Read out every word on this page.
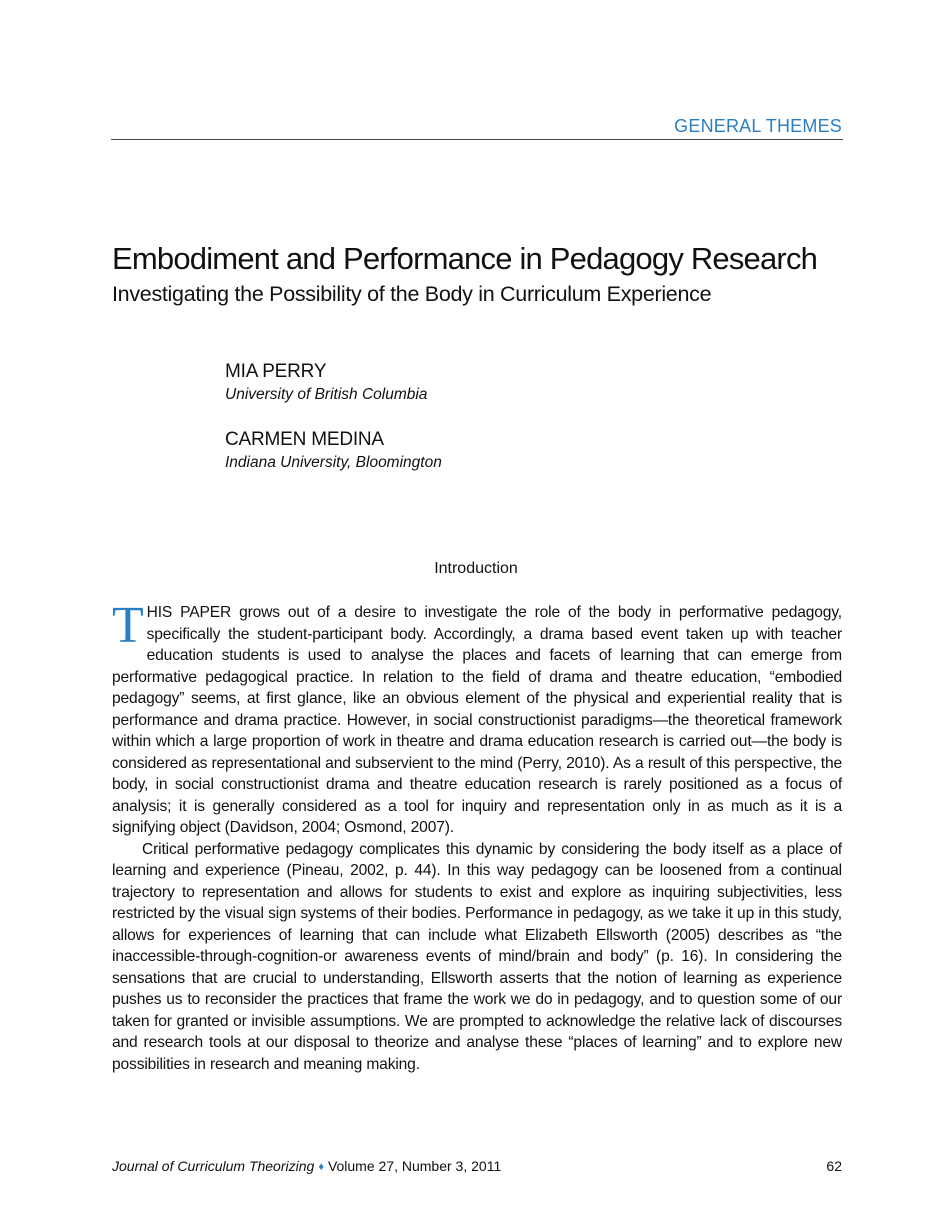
GENERAL THEMES
Embodiment and Performance in Pedagogy Research
Investigating the Possibility of the Body in Curriculum Experience
MIA PERRY
University of British Columbia
CARMEN MEDINA
Indiana University, Bloomington
Introduction

THIS PAPER grows out of a desire to investigate the role of the body in performative pedagogy, specifically the student-participant body. Accordingly, a drama based event taken up with teacher education students is used to analyse the places and facets of learning that can emerge from performative pedagogical practice. In relation to the field of drama and theatre education, “embodied pedagogy” seems, at first glance, like an obvious element of the physical and experiential reality that is performance and drama practice. However, in social constructionist paradigms—the theoretical framework within which a large proportion of work in theatre and drama education research is carried out—the body is considered as representational and subservient to the mind (Perry, 2010). As a result of this perspective, the body, in social constructionist drama and theatre education research is rarely positioned as a focus of analysis; it is generally considered as a tool for inquiry and representation only in as much as it is a signifying object (Davidson, 2004; Osmond, 2007).

Critical performative pedagogy complicates this dynamic by considering the body itself as a place of learning and experience (Pineau, 2002, p. 44). In this way pedagogy can be loosened from a continual trajectory to representation and allows for students to exist and explore as inquiring subjectivities, less restricted by the visual sign systems of their bodies. Performance in pedagogy, as we take it up in this study, allows for experiences of learning that can include what Elizabeth Ellsworth (2005) describes as “the inaccessible-through-cognition-or awareness events of mind/brain and body” (p. 16). In considering the sensations that are crucial to understanding, Ellsworth asserts that the notion of learning as experience pushes us to reconsider the practices that frame the work we do in pedagogy, and to question some of our taken for granted or invisible assumptions. We are prompted to acknowledge the relative lack of discourses and research tools at our disposal to theorize and analyse these “places of learning” and to explore new possibilities in research and meaning making.

Journal of Curriculum Theorizing ♦ Volume 27, Number 3, 2011	62
